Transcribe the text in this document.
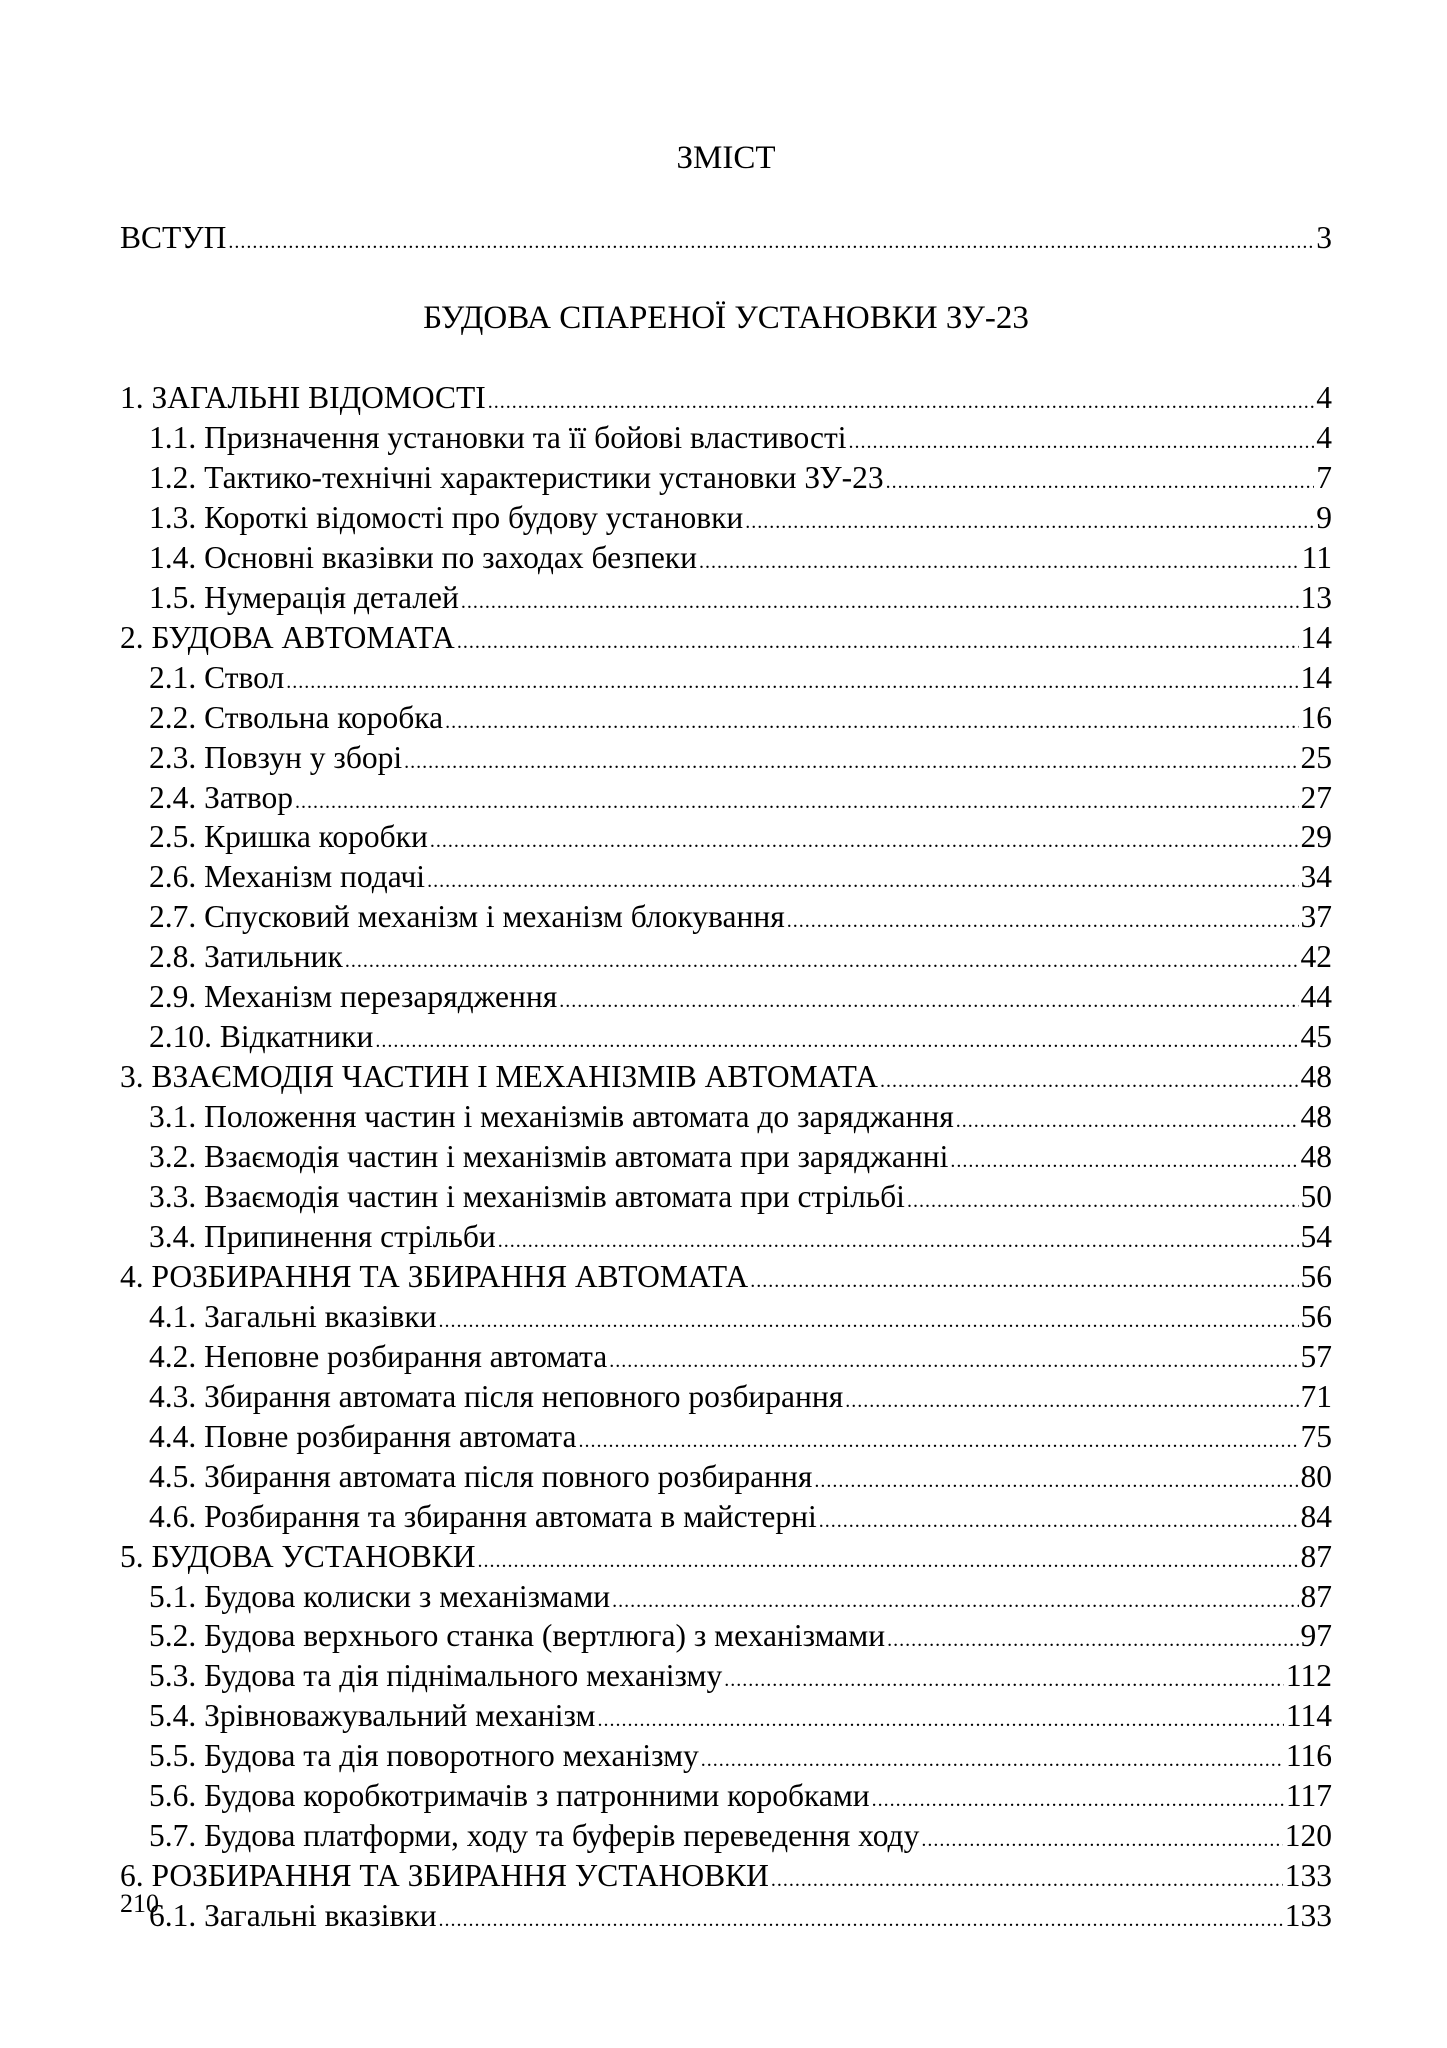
ЗМІСТ
ВСТУП .....	3
БУДОВА СПАРЕНОЇ УСТАНОВКИ ЗУ-23
1. ЗАГАЛЬНІ ВІДОМОСТІ .....	4
1.1. Призначення установки та її бойові властивості .....	4
1.2. Тактико-технічні характеристики установки ЗУ-23 .....	7
1.3. Короткі відомості про будову установки .....	9
1.4. Основні вказівки по заходах безпеки .....	11
1.5. Нумерація деталей .....	13
2. БУДОВА АВТОМАТА .....	14
2.1. Ствол .....	14
2.2. Ствольна коробка .....	16
2.3. Повзун у зборі .....	25
2.4. Затвор .....	27
2.5. Кришка коробки .....	29
2.6. Механізм подачі .....	34
2.7. Спусковий механізм і механізм блокування .....	37
2.8. Затильник .....	42
2.9. Механізм перезарядження .....	44
2.10. Відкатники .....	45
3. ВЗАЄМОДІЯ ЧАСТИН І МЕХАНІЗМІВ АВТОМАТА .....	48
3.1. Положення частин і механізмів автомата до заряджання .....	48
3.2. Взаємодія частин і механізмів автомата при заряджанні .....	48
3.3. Взаємодія частин і механізмів автомата при стрільбі .....	50
3.4. Припинення стрільби .....	54
4. РОЗБИРАННЯ ТА ЗБИРАННЯ АВТОМАТА .....	56
4.1. Загальні вказівки .....	56
4.2. Неповне розбирання автомата .....	57
4.3. Збирання автомата після неповного розбирання .....	71
4.4. Повне розбирання автомата .....	75
4.5. Збирання автомата після повного розбирання .....	80
4.6. Розбирання та збирання автомата в майстерні .....	84
5. БУДОВА УСТАНОВКИ .....	87
5.1. Будова колиски з механізмами .....	87
5.2. Будова верхнього станка (вертлюга) з механізмами .....	97
5.3. Будова та дія піднімального механізму .....	112
5.4. Зрівноважувальний механізм .....	114
5.5. Будова та дія поворотного механізму .....	116
5.6. Будова коробкотримачів з патронними коробками .....	117
5.7. Будова платформи, ходу та буферів переведення ходу .....	120
6. РОЗБИРАННЯ ТА ЗБИРАННЯ УСТАНОВКИ .....	133
6.1. Загальні вказівки .....	133
210
